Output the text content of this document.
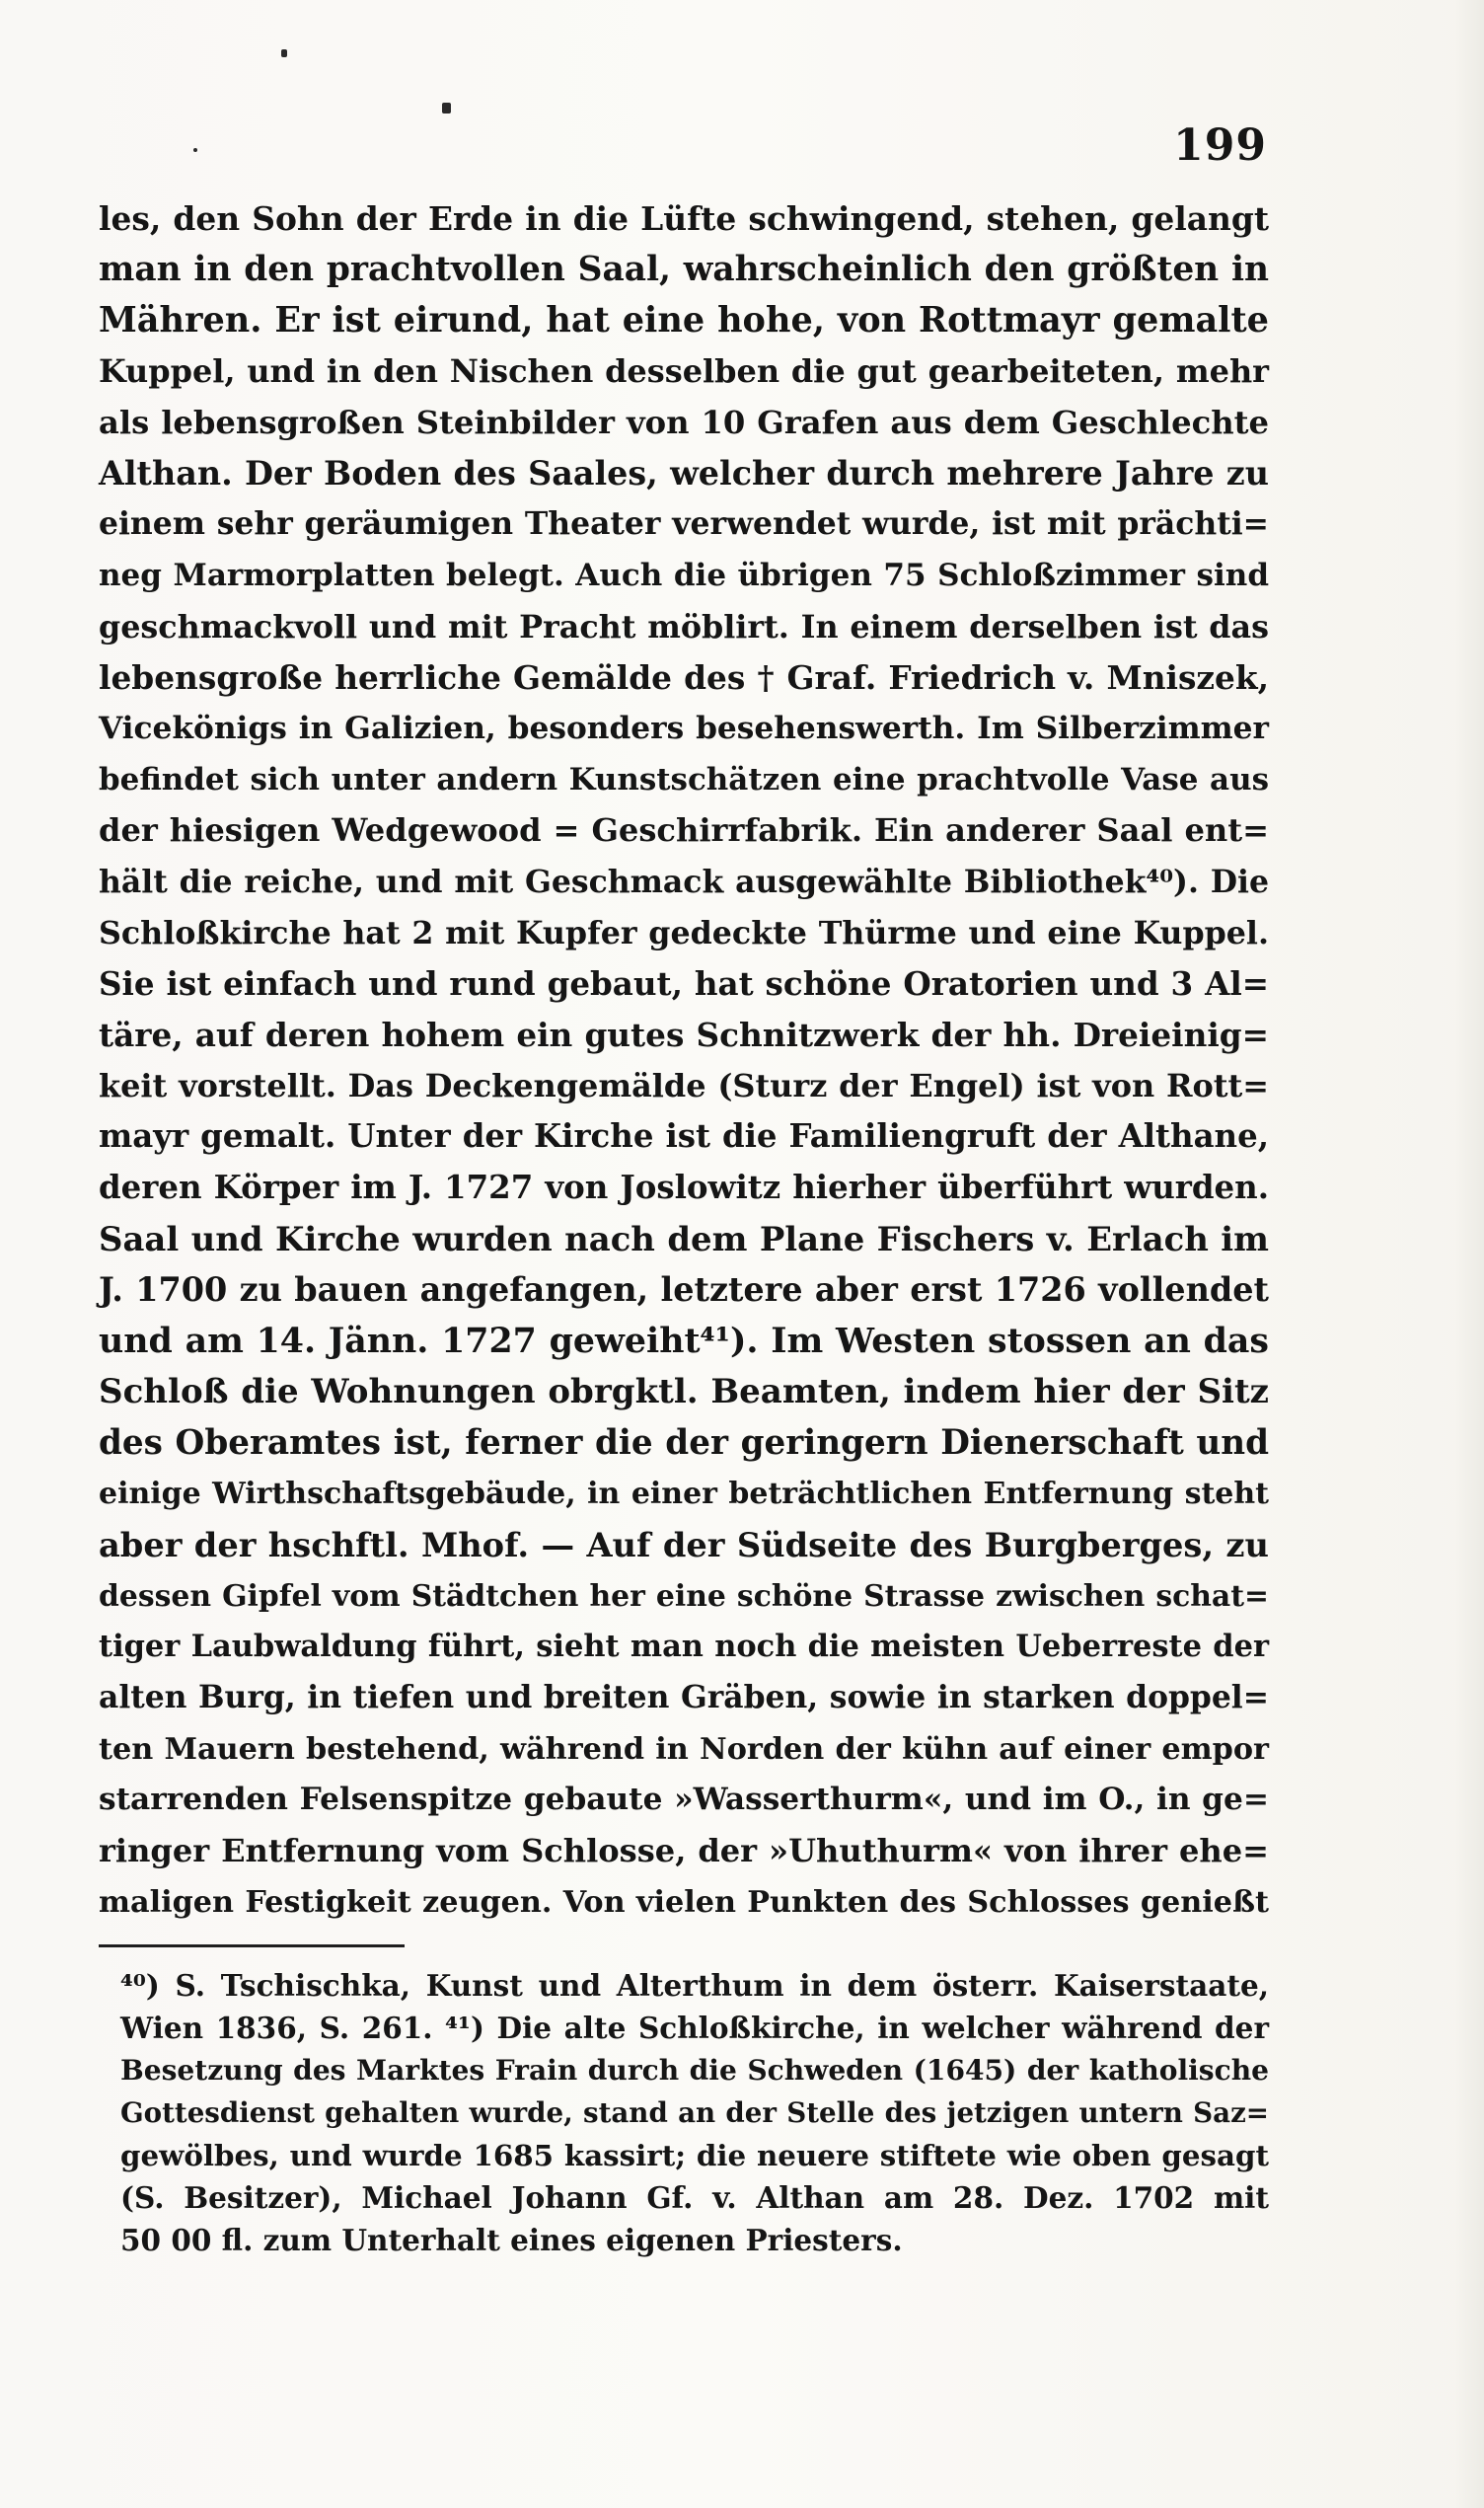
199
les, den Sohn der Erde in die Lüfte schwingend, stehen, gelangt
man in den prachtvollen Saal, wahrscheinlich den größten in
Mähren. Er ist eirund, hat eine hohe, von Rottmayr gemalte
Kuppel, und in den Nischen desselben die gut gearbeiteten, mehr
als lebensgroßen Steinbilder von 10 Grafen aus dem Geschlechte
Althan. Der Boden des Saales, welcher durch mehrere Jahre zu
einem sehr geräumigen Theater verwendet wurde, ist mit prächti=
neg Marmorplatten belegt. Auch die übrigen 75 Schloßzimmer sind
geschmackvoll und mit Pracht möblirt. In einem derselben ist das
lebensgroße herrliche Gemälde des † Graf. Friedrich v. Mniszek,
Vicekönigs in Galizien, besonders besehenswerth. Im Silberzimmer
befindet sich unter andern Kunstschätzen eine prachtvolle Vase aus
der hiesigen Wedgewood = Geschirrfabrik. Ein anderer Saal ent=
hält die reiche, und mit Geschmack ausgewählte Bibliothek⁴⁰). Die
Schloßkirche hat 2 mit Kupfer gedeckte Thürme und eine Kuppel.
Sie ist einfach und rund gebaut, hat schöne Oratorien und 3 Al=
täre, auf deren hohem ein gutes Schnitzwerk der hh. Dreieinig=
keit vorstellt. Das Deckengemälde (Sturz der Engel) ist von Rott=
mayr gemalt. Unter der Kirche ist die Familiengruft der Althane,
deren Körper im J. 1727 von Joslowitz hierher überführt wurden.
Saal und Kirche wurden nach dem Plane Fischers v. Erlach im
J. 1700 zu bauen angefangen, letztere aber erst 1726 vollendet
und am 14. Jänn. 1727 geweiht⁴¹). Im Westen stossen an das
Schloß die Wohnungen obrgktl. Beamten, indem hier der Sitz
des Oberamtes ist, ferner die der geringern Dienerschaft und
einige Wirthschaftsgebäude, in einer beträchtlichen Entfernung steht
aber der hschftl. Mhof. — Auf der Südseite des Burgberges, zu
dessen Gipfel vom Städtchen her eine schöne Strasse zwischen schat=
tiger Laubwaldung führt, sieht man noch die meisten Ueberreste der
alten Burg, in tiefen und breiten Gräben, sowie in starken doppel=
ten Mauern bestehend, während in Norden der kühn auf einer empor
starrenden Felsenspitze gebaute »Wasserthurm«, und im O., in ge=
ringer Entfernung vom Schlosse, der »Uhuthurm« von ihrer ehe=
maligen Festigkeit zeugen. Von vielen Punkten des Schlosses genießt
⁴⁰) S. Tschischka, Kunst und Alterthum in dem österr. Kaiserstaate,
Wien 1836, S. 261. ⁴¹) Die alte Schloßkirche, in welcher während der
Besetzung des Marktes Frain durch die Schweden (1645) der katholische
Gottesdienst gehalten wurde, stand an der Stelle des jetzigen untern Saz=
gewölbes, und wurde 1685 kassirt; die neuere stiftete wie oben gesagt
(S. Besitzer), Michael Johann Gf. v. Althan am 28. Dez. 1702 mit
50 00 fl. zum Unterhalt eines eigenen Priesters.
